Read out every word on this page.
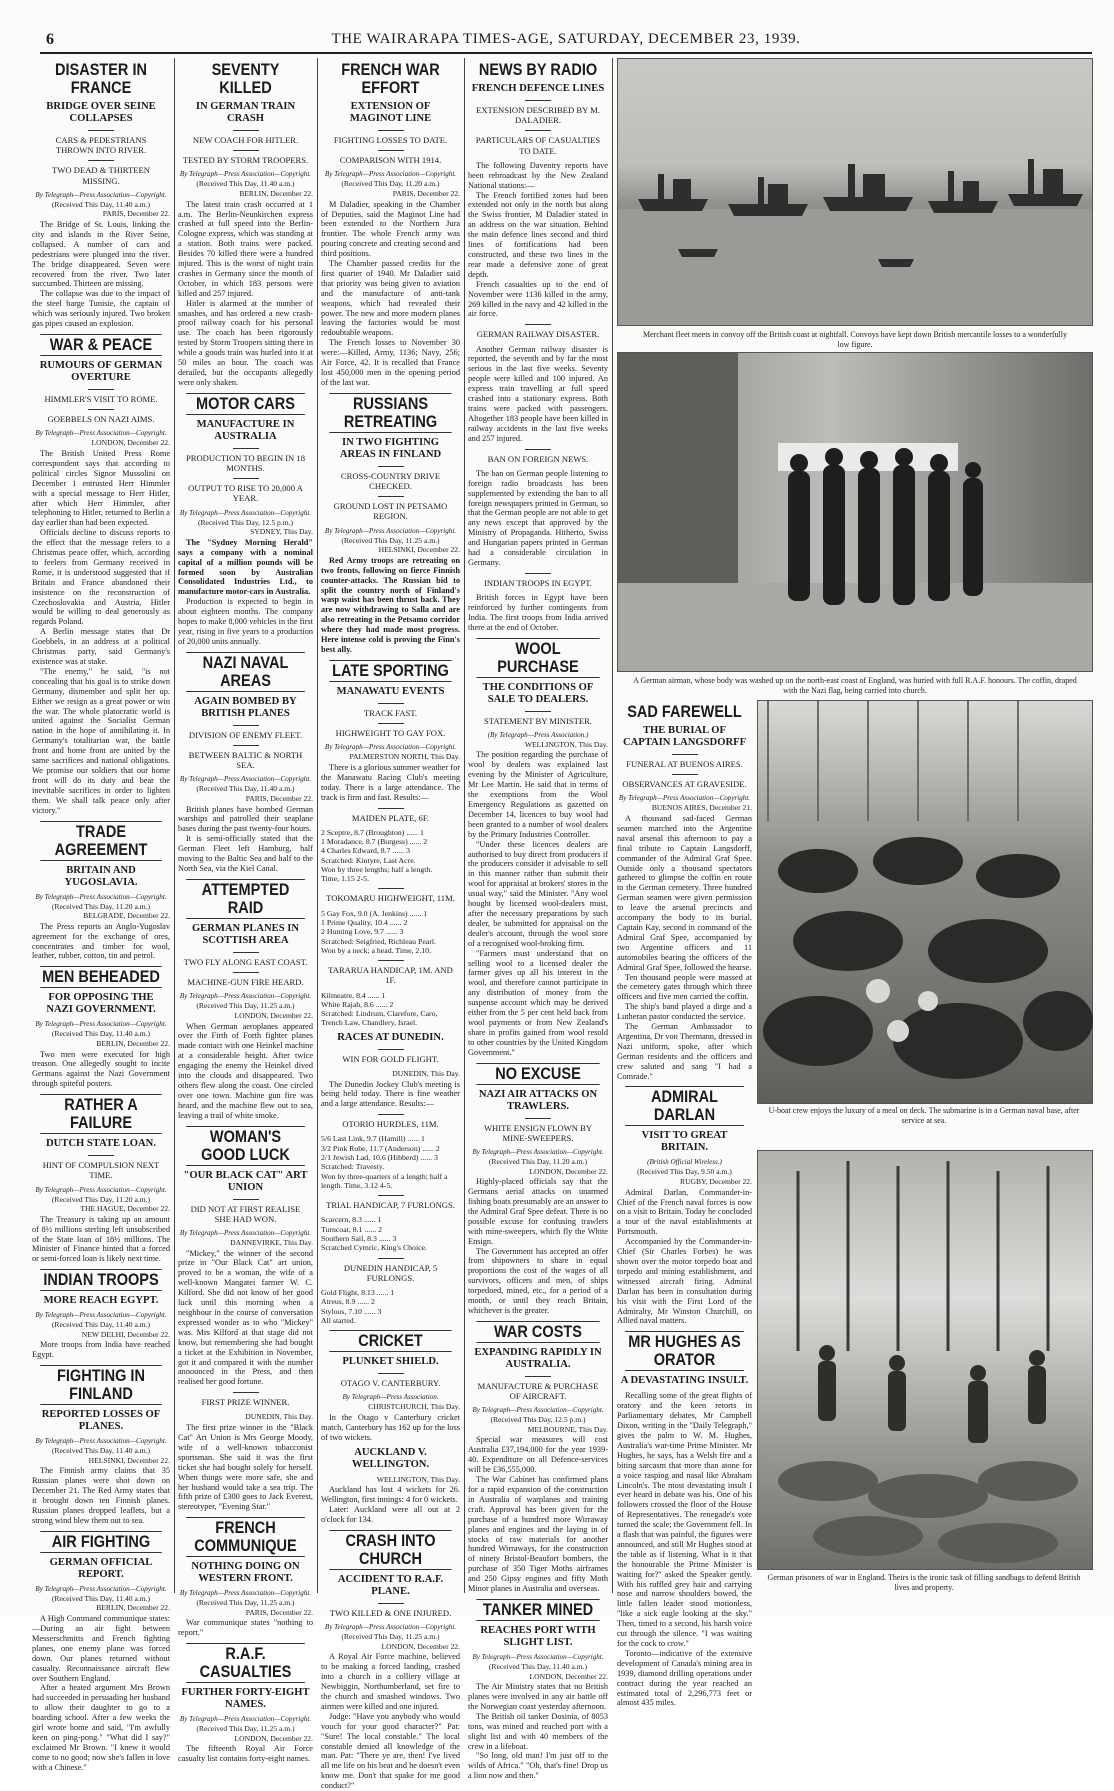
6	THE WAIRARAPA TIMES-AGE, SATURDAY, DECEMBER 23, 1939.
DISASTER IN FRANCE
BRIDGE OVER SEINE COLLAPSES
CARS & PEDESTRIANS THROWN INTO RIVER.
TWO DEAD & THIRTEEN MISSING.

By Telegraph—Press Association—Copyright.

(Received This Day, 11.40 a.m.)

PARIS, December 22.

The Bridge of St. Louis, linking the city and islands in the River Seine, collapsed. A number of cars and pedestrians were plunged into the river. The bridge disappeared. Seven were recovered from the river. Two later succumbed. Thirteen are missing.

The collapse was due to the impact of the steel barge Tunisie, the captain of which was seriously injured. Two broken gas pipes caused an explosion.

WAR & PEACE
RUMOURS OF GERMAN OVERTURE
HIMMLER'S VISIT TO ROME.
GOEBBELS ON NAZI AIMS.

By Telegraph—Press Association—Copyright.

LONDON, December 22.

The British United Press Rome correspondent says that according to political circles Signor Mussolini on December 1 entrusted Herr Himmler with a special message to Herr Hitler, after which Herr Himmler, after telephoning to Hitler, returned to Berlin a day earlier than had been expected.

Officials decline to discuss reports to the effect that the message refers to a Christmas peace offer, which, according to feelers from Germany received in Rome, it is understood suggested that if Britain and France abandoned their insistence on the reconstruction of Czechoslovakia and Austria, Hitler would be willing to deal generously as regards Poland.

A Berlin message states that Dr Goebbels, in an address at a political Christmas party, said Germany's existence was at stake.

"The enemy," he said, "is not concealing that his goal is to strike down Germany, dismember and split her up. Either we resign as a great power or win the war. The whole platocratic world is united against the Socialist German nation in the hope of annihilating it. In Germany's totalitarian war, the battle front and home front are united by the same sacrifices and national obligations. We promise our soldiers that our home front will do its duty and bear the inevitable sacrifices in order to lighten them. We shall talk peace only after victory."

TRADE AGREEMENT
BRITAIN AND YUGOSLAVIA.

By Telegraph—Press Association—Copyright.

(Received This Day, 11.20 a.m.)

BELGRADE, December 22.

The Press reports an Anglo-Yugoslav agreement for the exchange of ores, concentrates and timber for wool, leather, rubber, cotton, tin and petrol.

MEN BEHEADED
FOR OPPOSING THE NAZI GOVERNMENT.

By Telegraph—Press Association—Copyright.

(Received This Day, 11.40 a.m.)

BERLIN, December 22.

Two men were executed for high treason. One allegedly sought to incite Germans against the Nazi Government through spiteful posters.

RATHER A FAILURE
DUTCH STATE LOAN.
HINT OF COMPULSION NEXT TIME.

By Telegraph—Press Association—Copyright.

(Received This Day, 11.20 a.m.)

THE HAGUE, December 22.

The Treasury is taking up an amount of 8½ millions sterling left unsubscribed of the State loan of 18½ millions. The Minister of Finance hinted that a forced or semi-forced loan is likely next time.

INDIAN TROOPS
MORE REACH EGYPT.

By Telegraph—Press Association—Copyright.

(Received This Day, 11.40 a.m.)

NEW DELHI, December 22.

More troops from India have reached Egypt.

FIGHTING IN FINLAND
REPORTED LOSSES OF PLANES.

By Telegraph—Press Association—Copyright.

(Received This Day, 11.40 a.m.)

HELSINKI, December 22.

The Finnish army claims that 35 Russian planes were shot down on December 21. The Red Army states that it brought down ten Finnish planes. Russian planes dropped leaflets, but a strong wind blew them out to sea.

AIR FIGHTING
GERMAN OFFICIAL REPORT.

By Telegraph—Press Association—Copyright.

(Received This Day, 11.40 a.m.)

BERLIN, December 22.

A High Command communique states:—During an air fight between Messerschmitts and French fighting planes, one enemy plane was forced down. Our planes returned without casualty. Reconnaissance aircraft flew over Southern England.

After a heated argument Mrs Brown had succeeded in persuading her husband to allow their daughter to go to a boarding school. After a few weeks the girl wrote home and said, "I'm awfully keen on ping-pong." "What did I say?" exclaimed Mr Brown. "I knew it would come to no good; now she's fallen in love with a Chinese."

SEVENTY KILLED
IN GERMAN TRAIN CRASH
NEW COACH FOR HITLER.
TESTED BY STORM TROOPERS.

By Telegraph—Press Association—Copyright.

(Received This Day, 11.40 a.m.)

BERLIN, December 22.

The latest train crash occurred at 1 a.m. The Berlin-Neunkirchen express crashed at full speed into the Berlin-Cologne express, which was standing at a station. Both trains were packed. Besides 70 killed there were a hundred injured. This is the worst of night train crashes in Germany since the month of October, in which 183 persons were killed and 257 injured.

Hitler is alarmed at the number of smashes, and has ordered a new crash-proof railway coach for his personal use. The coach has been rigorously tested by Storm Troopers sitting there in while a goods train was hurled into it at 50 miles an hour. The coach was derailed, but the occupants allegedly were only shaken.

MOTOR CARS
MANUFACTURE IN AUSTRALIA
PRODUCTION TO BEGIN IN 18 MONTHS.
OUTPUT TO RISE TO 20,000 A YEAR.

By Telegraph—Press Association—Copyright.

(Received This Day, 12.5 p.m.)

SYDNEY, This Day.

The "Sydney Morning Herald" says a company with a nominal capital of a million pounds will be formed soon by Australian Consolidated Industries Ltd., to manufacture motor-cars in Australia.

Production is expected to begin in about eighteen months. The company hopes to make 8,000 vehicles in the first year, rising in five years to a production of 20,000 units annually.

NAZI NAVAL AREAS
AGAIN BOMBED BY BRITISH PLANES
DIVISION OF ENEMY FLEET.
BETWEEN BALTIC & NORTH SEA.

By Telegraph—Press Association—Copyright.

(Received This Day, 11.40 a.m.)

PARIS, December 22.

British planes have bombed German warships and patrolled their seaplane bases during the past twenty-four hours.

It is semi-officially stated that the German Fleet left Hamburg, half moving to the Baltic Sea and half to the North Sea, via the Kiel Canal.

ATTEMPTED RAID
GERMAN PLANES IN SCOTTISH AREA
TWO FLY ALONG EAST COAST.
MACHINE-GUN FIRE HEARD.

By Telegraph—Press Association—Copyright.

(Received This Day, 11.25 a.m.)

LONDON, December 22.

When German aeroplanes appeared over the Firth of Forth fighter planes made contact with one Heinkel machine at a considerable height. After twice engaging the enemy the Heinkel dived into the clouds and disappeared. Two others flew along the coast. One circled over one town. Machine gun fire was heard, and the machine flew out to sea, leaving a trail of white smoke.

WOMAN'S GOOD LUCK
"OUR BLACK CAT" ART UNION
DID NOT AT FIRST REALISE SHE HAD WON.

By Telegraph—Press Association—Copyright.

DANNEVIRKE, This Day.

"Mickey," the winner of the second prize in "Our Black Cat" art union, proved to be a woman, the wife of a well-known Mangatei farmer W. C. Kilford. She did not know of her good luck until this morning when a neighbour in the course of conversation expressed wonder as to who "Mickey" was. Mrs Kilford at that stage did not know, but remembering she had bought a ticket at the Exhibition in November, got it and compared it with the number announced in the Press, and then realised her good fortune.

FIRST PRIZE WINNER.

DUNEDIN, This Day.

The first prize winner in the "Black Cat" Art Union is Mrs George Moody, wife of a well-known tobacconist sportsman. She said it was the first ticket she had bought solely for herself. When things were more safe, she and her husband would take a sea trip. The fifth prize of £300 goes to Jack Everest, stereotyper, "Evening Star."

FRENCH COMMUNIQUE
NOTHING DOING ON WESTERN FRONT.

By Telegraph—Press Association—Copyright.

(Received This Day, 11.25 a.m.)

PARIS, December 22.

War communique states "nothing to report."

R.A.F. CASUALTIES
FURTHER FORTY-EIGHT NAMES.

By Telegraph—Press Association—Copyright.

(Received This Day, 11.25 a.m.)

LONDON, December 22.

The fifteenth Royal Air Force casualty list contains forty-eight names.

FRENCH WAR EFFORT
EXTENSION OF MAGINOT LINE
FIGHTING LOSSES TO DATE.
COMPARISON WITH 1914.

By Telegraph—Press Association—Copyright.

(Received This Day, 11.20 a.m.)

PARIS, December 22.

M Daladier, speaking in the Chamber of Deputies, said the Maginot Line had been extended to the Northern Jura frontier. The whole French army was pouring concrete and creating second and third positions.

The Chamber passed credits for the first quarter of 1940. Mr Daladier said that priority was being given to aviation and the manufacture of anti-tank weapons, which had revealed their power. The new and more modern planes leaving the factories would be most redoubtable weapons.

The French losses to November 30 were:—Killed, Army, 1136; Navy, 256; Air Force, 42. It is recalled that France lost 450,000 men in the opening period of the last war.

RUSSIANS RETREATING
IN TWO FIGHTING AREAS IN FINLAND
CROSS-COUNTRY DRIVE CHECKED.
GROUND LOST IN PETSAMO REGION.

By Telegraph—Press Association—Copyright.

(Received This Day, 11.25 a.m.)

HELSINKI, December 22.

Red Army troops are retreating on two fronts, following on fierce Finnish counter-attacks. The Russian bid to split the country north of Finland's wasp waist has been thrust back. They are now withdrawing to Salla and are also retreating in the Petsamo corridor where they had made most progress. Here intense cold is proving the Finn's best ally.

LATE SPORTING
MANAWATU EVENTS
TRACK FAST.
HIGHWEIGHT TO GAY FOX.

By Telegraph—Press Association—Copyright.

PALMERSTON NORTH, This Day.

There is a glorious summer weather for the Manawatu Racing Club's meeting today. There is a large attendance. The track is firm and fast. Results:—

MAIDEN PLATE, 6F.
2 Sceptre, 8.7 (Broughton) ...... 1
1 Moradance, 8.7 (Burgess) ...... 2
4 Charles Edward, 8.7 ...... 3
Scratched: Kintyre, Last Acre.
Won by three lengths; half a length.
Time, 1.15 2-5.
TOKOMARU HIGHWEIGHT, 11M.
5 Gay Fox, 9.0 (A. Jenkins) ...... 1
1 Prime Quality, 10.4 ...... 2
2 Hunting Love, 9.7 ...... 3
Scratched: Seigfried, Richleau Pearl.
Won by a neck; a head. Time, 2.10.
TARARUA HANDICAP, 1M. AND 1F.
Kilmeatre, 8.4 ...... 1
White Rajah, 8.6 ...... 2
Scratched: Lindrum, Clarefore, Caro, Trench Law, Chandlery, Israel.
RACES AT DUNEDIN.
WIN FOR GOLD FLIGHT.

DUNEDIN, This Day.

The Dunedin Jockey Club's meeting is being held today. There is fine weather and a large attendance. Results:—

OTORIO HURDLES, 11M.
5/6 Last Link, 9.7 (Hamill) ...... 1
3/2 Pink Robe, 11.7 (Anderson) ...... 2
2/1 Jewish Lad, 10.6 (Hibberd) ...... 3
Scratched: Travesty.
Won by three-quarters of a length; half a length. Time, 3.12 4-5.
TRIAL HANDICAP, 7 FURLONGS.
Scarcern, 8.3 ...... 1
Turncoat, 8.1 ...... 2
Southern Sail, 8.3 ...... 3
Scratched Cymric, King's Choice.
DUNEDIN HANDICAP, 5 FURLONGS.
Gold Flight, 8.13 ...... 1
Atreus, 8.9 ...... 2
Stylous, 7.10 ...... 3
All started.
CRICKET
PLUNKET SHIELD.
OTAGO V. CANTERBURY.

By Telegraph—Press Association.

CHRISTCHURCH, This Day.

In the Otago v Canterbury cricket match, Canterbury has 162 up for the loss of two wickets.

AUCKLAND V. WELLINGTON.

WELLINGTON, This Day.

Auckland has lost 4 wickets for 26. Wellington, first innings: 4 for 0 wickets.

Later: Auckland were all out at 2 o'clock for 134.

CRASH INTO CHURCH
ACCIDENT TO R.A.F. PLANE.
TWO KILLED & ONE INJURED.

By Telegraph—Press Association—Copyright.

(Received This Day, 11.25 a.m.)

LONDON, December 22.

A Royal Air Force machine, believed to be making a forced landing, crashed into a church in a colliery village at Newbiggin, Northumberland, set fire to the church and smashed windows. Two airmen were killed and one injured.

Judge: "Have you anybody who would vouch for your good character?" Pat: "Sure! The local constable." The local constable denied all knowledge of the man. Pat: "There ye are, then! I've lived all me life on his beat and he doesn't even know me. Don't that spake for me good conduct?"

NEWS BY RADIO
FRENCH DEFENCE LINES
EXTENSION DESCRIBED BY M. DALADIER.
PARTICULARS OF CASUALTIES TO DATE.

The following Daventry reports have been rebroadcast by the New Zealand National stations:—

The French fortified zones had been extended not only in the north but along the Swiss frontier, M Daladier stated in an address on the war situation. Behind the main defence lines second and third lines of fortifications had been constructed, and these two lines in the rear made a defensive zone of great depth.

French casualties up to the end of November were 1136 killed in the army, 269 killed in the navy and 42 killed in the air force.

GERMAN RAILWAY DISASTER.

Another German railway disaster is reported, the seventh and by far the most serious in the last five weeks. Seventy people were killed and 100 injured. An express train travelling at full speed crashed into a stationary express. Both trains were packed with passengers. Altogether 183 people have been killed in railway accidents in the last five weeks and 257 injured.

BAN ON FOREIGN NEWS.

The ban on German people listening to foreign radio broadcasts has been supplemented by extending the ban to all foreign newspapers printed in German, so that the German people are not able to get any news except that approved by the Ministry of Propaganda. Hitherto, Swiss and Hungarian papers printed in German had a considerable circulation in Germany.

INDIAN TROOPS IN EGYPT.

British forces in Egypt have been reinforced by further contingents from India. The first troops from India arrived there at the end of October.

WOOL PURCHASE
THE CONDITIONS OF SALE TO DEALERS.
STATEMENT BY MINISTER.

(By Telegraph—Press Association.)

WELLINGTON, This Day.

The position regarding the purchase of wool by dealers was explained last evening by the Minister of Agriculture, Mr Lee Martin. He said that in terms of the exemptions from the Wool Emergency Regulations as gazetted on December 14, licences to buy wool had been granted to a number of wool dealers by the Primary Industries Controller.

"Under these licences dealers are authorised to buy direct from producers if the producers consider it advisable to sell in this manner rather than submit their wool for appraisal at brokers' stores in the usual way," said the Minister. "Any wool bought by licensed wool-dealers must, after the necessary preparations by such dealer, be submitted for appraisal on the dealer's account, through the wool store of a recognised wool-broking firm.

"Farmers must understand that on selling wool to a licensed dealer the farmer gives up all his interest in the wool, and therefore cannot participate in any distribution of money from the suspense account which may be derived either from the 5 per cent held back from wool payments or from New Zealand's share in profits gained from wool resold to other countries by the United Kingdom Government."

NO EXCUSE
NAZI AIR ATTACKS ON TRAWLERS.
WHITE ENSIGN FLOWN BY MINE-SWEEPERS.

By Telegraph—Press Association—Copyright.

(Received This Day, 11.20 a.m.)

LONDON, December 22.

Highly-placed officials say that the Germans aerial attacks on unarmed fishing boats presumably are an answer to the Admiral Graf Spee defeat. There is no possible excuse for confusing trawlers with mine-sweepers, which fly the White Ensign.

The Government has accepted an offer from shipowners to share in equal proportions the cost of the wages of all survivors, officers and men, of ships torpedoed, mined, etc., for a period of a month, or until they reach Britain, whichever is the greater.

WAR COSTS
EXPANDING RAPIDLY IN AUSTRALIA.
MANUFACTURE & PURCHASE OF AIRCRAFT.

By Telegraph—Press Association—Copyright.

(Received This Day, 12.5 p.m.)

MELBOURNE, This Day.

Special war measures will cost Australia £37,194,000 for the year 1939-40. Expenditure on all Defence-services will be £36,555,000.

The War Cabinet has confirmed plans for a rapid expansion of the construction in Australia of warplanes and training craft. Approval has been given for the purchase of a hundred more Wirraway planes and engines and the laying in of stocks of raw materials for another hundred Wirraways, for the construction of ninety Bristol-Beaufort bombers, the purchase of 350 Tiger Moths airframes and 250 Gipsy engines and fifty Moth Minor planes in Australia and overseas.

TANKER MINED
REACHES PORT WITH SLIGHT LIST.

By Telegraph—Press Association—Copyright.

(Received This Day, 11.40 a.m.)

LONDON, December 22.

The Air Ministry states that no British planes were involved in any air battle off the Norwegian coast yesterday afternoon.

The British oil tanker Dosinia, of 8053 tons, was mined and reached port with a slight list and with 40 members of the crew in a lifeboat.

"So long, old man! I'm just off to the wilds of Africa." "Oh, that's fine! Drop us a lion now and then."

Merchant fleet meets in convoy off the British coast at nightfall. Convoys have kept down British mercantile losses to a wonderfully low figure.
A German airman, whose body was washed up on the north-east coast of England, was buried with full R.A.F. honours. The coffin, draped with the Nazi flag, being carried into church.
SAD FAREWELL
THE BURIAL OF CAPTAIN LANGSDORFF
FUNERAL AT BUENOS AIRES.
OBSERVANCES AT GRAVESIDE.

By Telegraph—Press Association—Copyright.

BUENOS AIRES, December 21.

A thousand sad-faced German seamen marched into the Argentine naval arsenal this afternoon to pay a final tribute to Captain Langsdorff, commander of the Admiral Graf Spee. Outside only a thousand spectators gathered to glimpse the coffin en route to the German cemetery. Three hundred German seamen were given permission to leave the arsenal precincts and accompany the body to its burial. Captain Kay, second in command of the Admiral Graf Spee, accompanied by two Argentine officers and 11 automobiles bearing the officers of the Admiral Graf Spee, followed the hearse.

Ten thousand people were massed at the cemetery gates through which three officers and five men carried the coffin.

The ship's band played a dirge and a Lutheran pastor conducted the service.

The German Ambassador to Argentina, Dr von Thermann, dressed in Nazi uniform, spoke, after which German residents and the officers and crew saluted and sang "I had a Comrade."

ADMIRAL DARLAN
VISIT TO GREAT BRITAIN.

(British Official Wireless.)

(Received This Day, 9.50 a.m.)

RUGBY, December 22.

Admiral Darlan, Commander-in-Chief of the French naval forces is now on a visit to Britain. Today he concluded a tour of the naval establishments at Portsmouth.

Accompanied by the Commander-in-Chief (Sir Charles Forbes) he was shown over the motor torpedo boat and torpedo and mining establishment, and witnessed aircraft firing. Admiral Darlan has been in consultation during his visit with the First Lord of the Admiralty, Mr Winston Churchill, on Allied naval matters.

MR HUGHES AS ORATOR
A DEVASTATING INSULT.

Recalling some of the great flights of oratory and the keen retorts in Parliamentary debates, Mr Campbell Dixon, writing in the "Daily Telegraph," gives the palm to W. M. Hughes, Australia's war-time Prime Minister. Mr Hughes, he says, has a Welsh fire and a biting sarcasm that more than atone for a voice rasping and nasal like Abraham Lincoln's. The most devastating insult I ever heard in debate was his. One of his followers crossed the floor of the House of Representatives. The renegade's vote turned the scale; the Government fell. In a flash that was painful, the figures were announced, and still Mr Hughes stood at the table as if listening. What is it that the honourable the Prime Minister is waiting for?" asked the Speaker gently. With his ruffled grey hair and carrying nose and narrow shoulders bowed, the little fallen leader stood motionless, "like a sick eagle looking at the sky." Then, timed to a second, his harsh voice cut through the silence. "I was waiting for the cock to crow."

Toronto—indicative of the extensive development of Canada's mining area in 1939, diamond drilling operations under contract during the year reached an estimated total of 2,296,773 feet or almost 435 miles.

U-boat crew enjoys the luxury of a meal on deck. The submarine is in a German naval base, after service at sea.
German prisoners of war in England. Theirs is the ironic task of filling sandbags to defend British lives and property.
